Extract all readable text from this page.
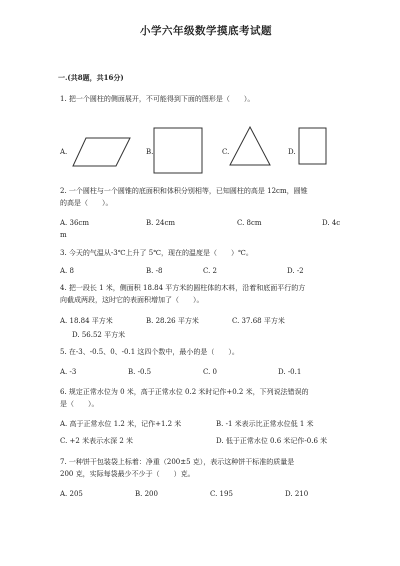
小学六年级数学摸底考试题
一.(共8题，共16分)
1. 把一个圆柱的侧面展开，不可能得到下面的图形是（　　）。
A.	B.	C.	D.
2. 一个圆柱与一个圆锥的底面积和体积分别相等，已知圆柱的高是 12cm，圆锥
的高是（　　）。
A. 36cm	B. 24cm	C. 8cm	D. 4c
m
3. 今天的气温从-3℃上升了 5℃，现在的温度是（　　）℃。
A. 8	B. -8	C. 2	D. -2
4. 把一段长 1 米，侧面积 18.84 平方米的圆柱体的木料，沿着和底面平行的方
向截成两段，这时它的表面积增加了（　　）。
A. 18.84 平方米	B. 28.26 平方米	C. 37.68 平方米
D. 56.52 平方米
5. 在-3、-0.5、0、-0.1 这四个数中，最小的是（　　）。
A. -3	B. -0.5	C. 0	D. -0.1
6. 规定正常水位为 0 米，高于正常水位 0.2 米时记作+0.2 米，下列说法错误的
是（　　）。
A. 高于正常水位 1.2 米，记作+1.2 米	B. -1 米表示比正常水位低 1 米
C. +2 米表示水深 2 米	D. 低于正常水位 0.6 米记作-0.6 米
7. 一种饼干包装袋上标着：净重（200±5 克），表示这种饼干标准的质量是
200 克，实际每袋最少不少于（　　）克。
A. 205	B. 200	C. 195	D. 210
